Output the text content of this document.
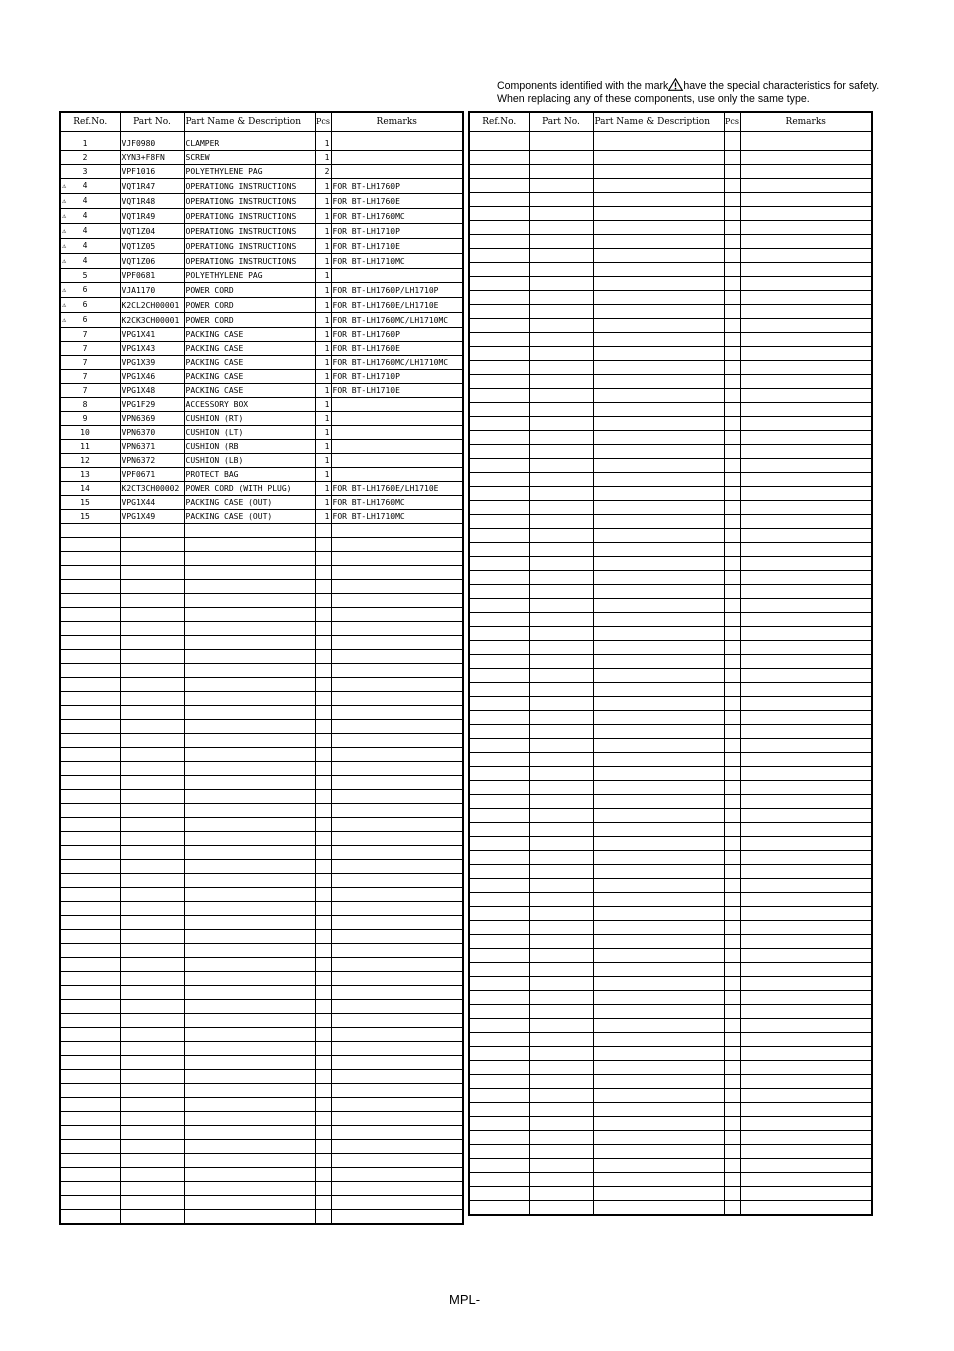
Components identified with the mark have the special characteristics for safety.
When replacing any of these components, use only the same type.
Ref.No.	Part No.	Part Name & Description	Pcs	Remarks

1	VJF0980	CLAMPER	1	
2	XYN3+F8FN	SCREW	1	
3	VPF1016	POLYETHYLENE PAG	2	
⚠ 4	VQT1R47	OPERATIONG INSTRUCTIONS	1	FOR BT-LH1760P
⚠ 4	VQT1R48	OPERATIONG INSTRUCTIONS	1	FOR BT-LH1760E
⚠ 4	VQT1R49	OPERATIONG INSTRUCTIONS	1	FOR BT-LH1760MC
⚠ 4	VQT1Z04	OPERATIONG INSTRUCTIONS	1	FOR BT-LH1710P
⚠ 4	VQT1Z05	OPERATIONG INSTRUCTIONS	1	FOR BT-LH1710E
⚠ 4	VQT1Z06	OPERATIONG INSTRUCTIONS	1	FOR BT-LH1710MC
5	VPF0681	POLYETHYLENE PAG	1	
⚠ 6	VJA1170	POWER CORD	1	FOR BT-LH1760P/LH1710P
⚠ 6	K2CL2CH00001	POWER CORD	1	FOR BT-LH1760E/LH1710E
⚠ 6	K2CK3CH00001	POWER CORD	1	FOR BT-LH1760MC/LH1710MC
7	VPG1X41	PACKING CASE	1	FOR BT-LH1760P
7	VPG1X43	PACKING CASE	1	FOR BT-LH1760E
7	VPG1X39	PACKING CASE	1	FOR BT-LH1760MC/LH1710MC
7	VPG1X46	PACKING CASE	1	FOR BT-LH1710P
7	VPG1X48	PACKING CASE	1	FOR BT-LH1710E
8	VPG1F29	ACCESSORY BOX	1	
9	VPN6369	CUSHION (RT)	1	
10	VPN6370	CUSHION (LT)	1	
11	VPN6371	CUSHION (RB	1	
12	VPN6372	CUSHION (LB)	1	
13	VPF0671	PROTECT BAG	1	
14	K2CT3CH00002	POWER CORD (WITH PLUG)	1	FOR BT-LH1760E/LH1710E
15	VPG1X44	PACKING CASE (OUT)	1	FOR BT-LH1760MC
15	VPG1X49	PACKING CASE (OUT)	1	FOR BT-LH1710MC

Ref.No.	Part No.	Part Name & Description	Pcs	Remarks

MPL-
